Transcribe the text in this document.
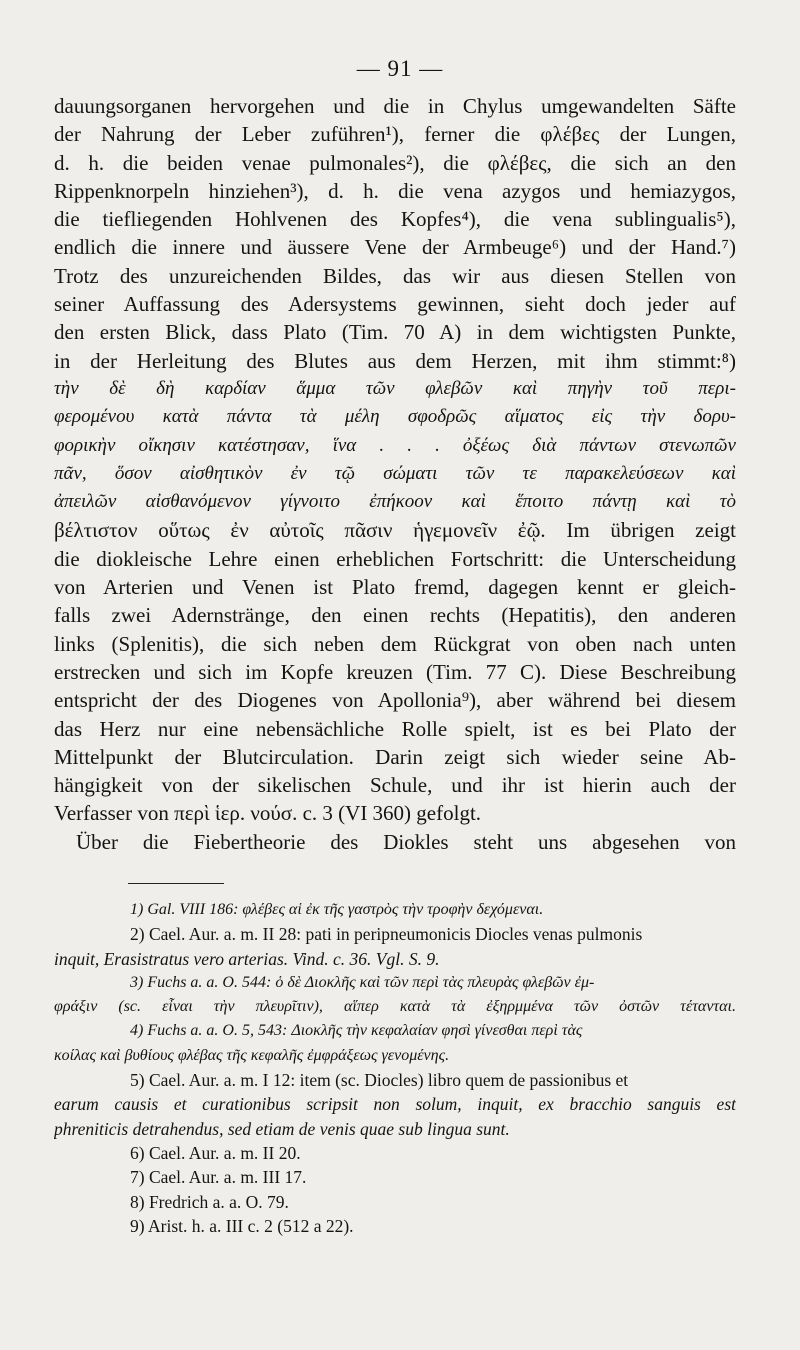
— 91 —
dauungsorganen hervorgehen und die in Chylus umgewandelten Säfte
der Nahrung der Leber zuführen¹), ferner die φλέβες der Lungen,
d. h. die beiden venae pulmonales²), die φλέβες, die sich an den
Rippenknorpeln hinziehen³), d. h. die vena azygos und hemiazygos,
die tiefliegenden Hohlvenen des Kopfes⁴), die vena sublingualis⁵),
endlich die innere und äussere Vene der Armbeuge⁶) und der Hand.⁷)
Trotz des unzureichenden Bildes, das wir aus diesen Stellen von
seiner Auffassung des Adersystems gewinnen, sieht doch jeder auf
den ersten Blick, dass Plato (Tim. 70 A) in dem wichtigsten Punkte,
in der Herleitung des Blutes aus dem Herzen, mit ihm stimmt:⁸)
τὴν δὲ δὴ καρδίαν ἅμμα τῶν φλεβῶν καὶ πηγὴν τοῦ περι-
φερομένου κατὰ πάντα τὰ μέλη σφοδρῶς αἵματος εἰς τὴν δορυ-
φορικὴν οἴκησιν κατέστησαν, ἵνα . . . ὀξέως διὰ πάντων στενωπῶν
πᾶν, ὅσον αἰσθητικὸν ἐν τῷ σώματι τῶν τε παρακελεύσεων καὶ
ἀπειλῶν αἰσθανόμενον γίγνοιτο ἐπήκοον καὶ ἕποιτο πάντῃ καὶ τὸ
βέλτιστον οὕτως ἐν αὐτοῖς πᾶσιν ἡγεμονεῖν ἐῷ. Im übrigen zeigt
die diokleische Lehre einen erheblichen Fortschritt: die Unterscheidung
von Arterien und Venen ist Plato fremd, dagegen kennt er gleich-
falls zwei Adernstränge, den einen rechts (Hepatitis), den anderen
links (Splenitis), die sich neben dem Rückgrat von oben nach unten
erstrecken und sich im Kopfe kreuzen (Tim. 77 C). Diese Beschreibung
entspricht der des Diogenes von Apollonia⁹), aber während bei diesem
das Herz nur eine nebensächliche Rolle spielt, ist es bei Plato der
Mittelpunkt der Blutcirculation. Darin zeigt sich wieder seine Ab-
hängigkeit von der sikelischen Schule, und ihr ist hierin auch der
Verfasser von περὶ ἱερ. νούσ. c. 3 (VI 360) gefolgt.
Über die Fiebertheorie des Diokles steht uns abgesehen von
1) Gal. VIII 186: φλέβες αἱ ἐκ τῆς γαστρὸς τὴν τροφὴν δεχόμεναι.
2) Cael. Aur. a. m. II 28: pati in peripneumonicis Diocles venas pulmonis
inquit, Erasistratus vero arterias. Vind. c. 36. Vgl. S. 9.
3) Fuchs a. a. O. 544: ὁ δὲ Διοκλῆς καὶ τῶν περὶ τὰς πλευρὰς φλεβῶν ἐμ-
φράξιν (sc. εἶναι τὴν πλευρῖτιν), αἵπερ κατὰ τὰ ἐξηρμμένα τῶν ὀστῶν τέτανται.
4) Fuchs a. a. O. 5, 543: Διοκλῆς τὴν κεφαλαίαν φησὶ γίνεσθαι περὶ τὰς
κοίλας καὶ βυθίους φλέβας τῆς κεφαλῆς ἐμφράξεως γενομένης.
5) Cael. Aur. a. m. I 12: item (sc. Diocles) libro quem de passionibus et
earum causis et curationibus scripsit non solum, inquit, ex bracchio sanguis est
phreniticis detrahendus, sed etiam de venis quae sub lingua sunt.
6) Cael. Aur. a. m. II 20.
7) Cael. Aur. a. m. III 17.
8) Fredrich a. a. O. 79.
9) Arist. h. a. III c. 2 (512 a 22).
